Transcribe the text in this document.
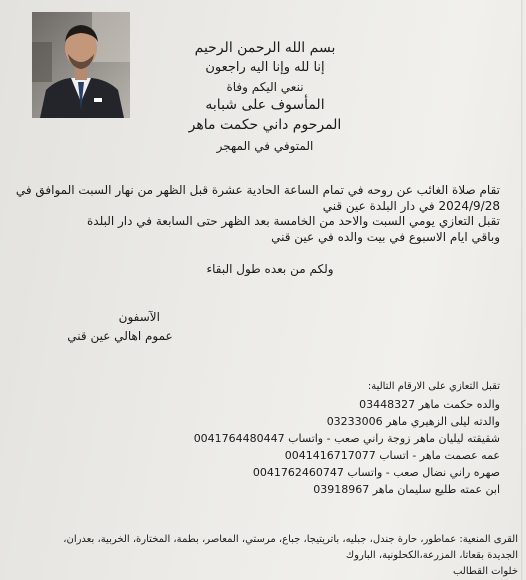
بسم الله الرحمن الرحيم
إنا لله وإنا اليه راجعون
ننعي اليكم وفاة
المأسوف على شبابه
المرحوم داني حكمت ماهر
المتوفي في المهجر
تقام صلاة الغائب عن روحه في تمام الساعة الحادية عشرة قبل الظهر من نهار السبت الموافق في
2024/9/28 في دار البلدة عين قني
تقبل التعازي يومي السبت والاحد من الخامسة بعد الظهر حتى السابعة في دار البلدة
وباقي ايام الاسبوع في بيت والده في عين قني
ولكم من بعده طول البقاء
الآسفون
عموم اهالي عين قني
تقبل التعازي على الارقام التالية:
والده حكمت ماهر 03448327
والدته ليلى الزهيري ماهر 03233006
شقيقته ليليان ماهر زوجة راني صعب - واتساب 0041764480447
عمه عصمت ماهر - اتساب 0041416717077
صهره راني نضال صعب - واتساب 0041762460747
ابن عمته طليع سليمان ماهر 03918967
القرى المنعية: عماطور، حارة جندل، جبليه، باتريتيجا، جباع، مرستي، المعاصر، بطمة، المختارة، الخربية، بعدران،
الجديدة بقعاتا، المزرعة،الكحلونية، الباروك
خلوات القطالب
